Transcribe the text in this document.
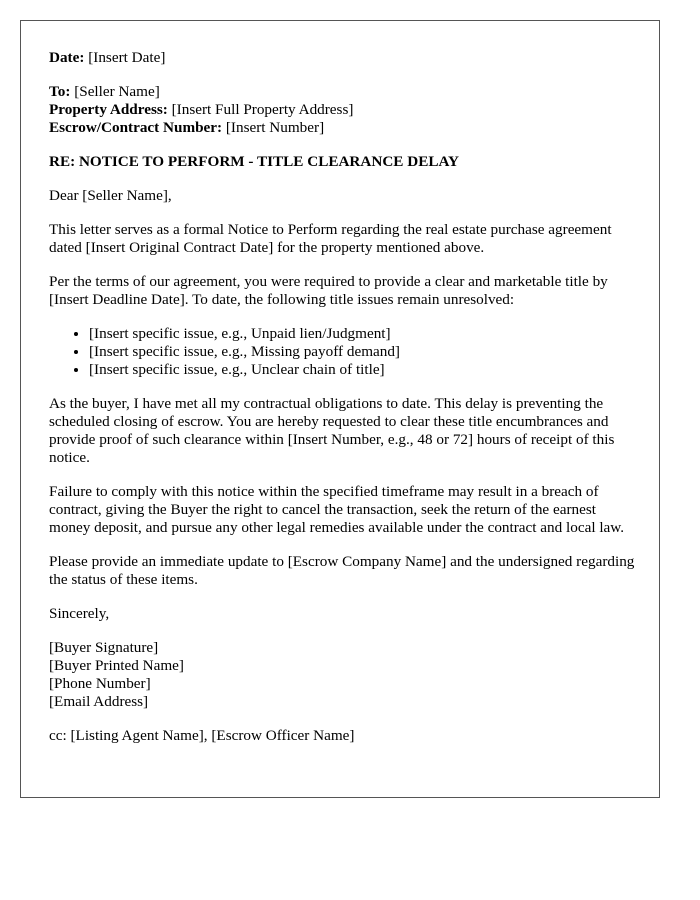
Date: [Insert Date]

To: [Seller Name]
Property Address: [Insert Full Property Address]
Escrow/Contract Number: [Insert Number]

RE: NOTICE TO PERFORM - TITLE CLEARANCE DELAY

Dear [Seller Name],

This letter serves as a formal Notice to Perform regarding the real estate purchase agreement dated [Insert Original Contract Date] for the property mentioned above.

Per the terms of our agreement, you were required to provide a clear and marketable title by [Insert Deadline Date]. To date, the following title issues remain unresolved:

• [Insert specific issue, e.g., Unpaid lien/Judgment]
• [Insert specific issue, e.g., Missing payoff demand]
• [Insert specific issue, e.g., Unclear chain of title]

As the buyer, I have met all my contractual obligations to date. This delay is preventing the scheduled closing of escrow. You are hereby requested to clear these title encumbrances and provide proof of such clearance within [Insert Number, e.g., 48 or 72] hours of receipt of this notice.

Failure to comply with this notice within the specified timeframe may result in a breach of contract, giving the Buyer the right to cancel the transaction, seek the return of the earnest money deposit, and pursue any other legal remedies available under the contract and local law.

Please provide an immediate update to [Escrow Company Name] and the undersigned regarding the status of these items.

Sincerely,

[Buyer Signature]
[Buyer Printed Name]
[Phone Number]
[Email Address]

cc: [Listing Agent Name], [Escrow Officer Name]
